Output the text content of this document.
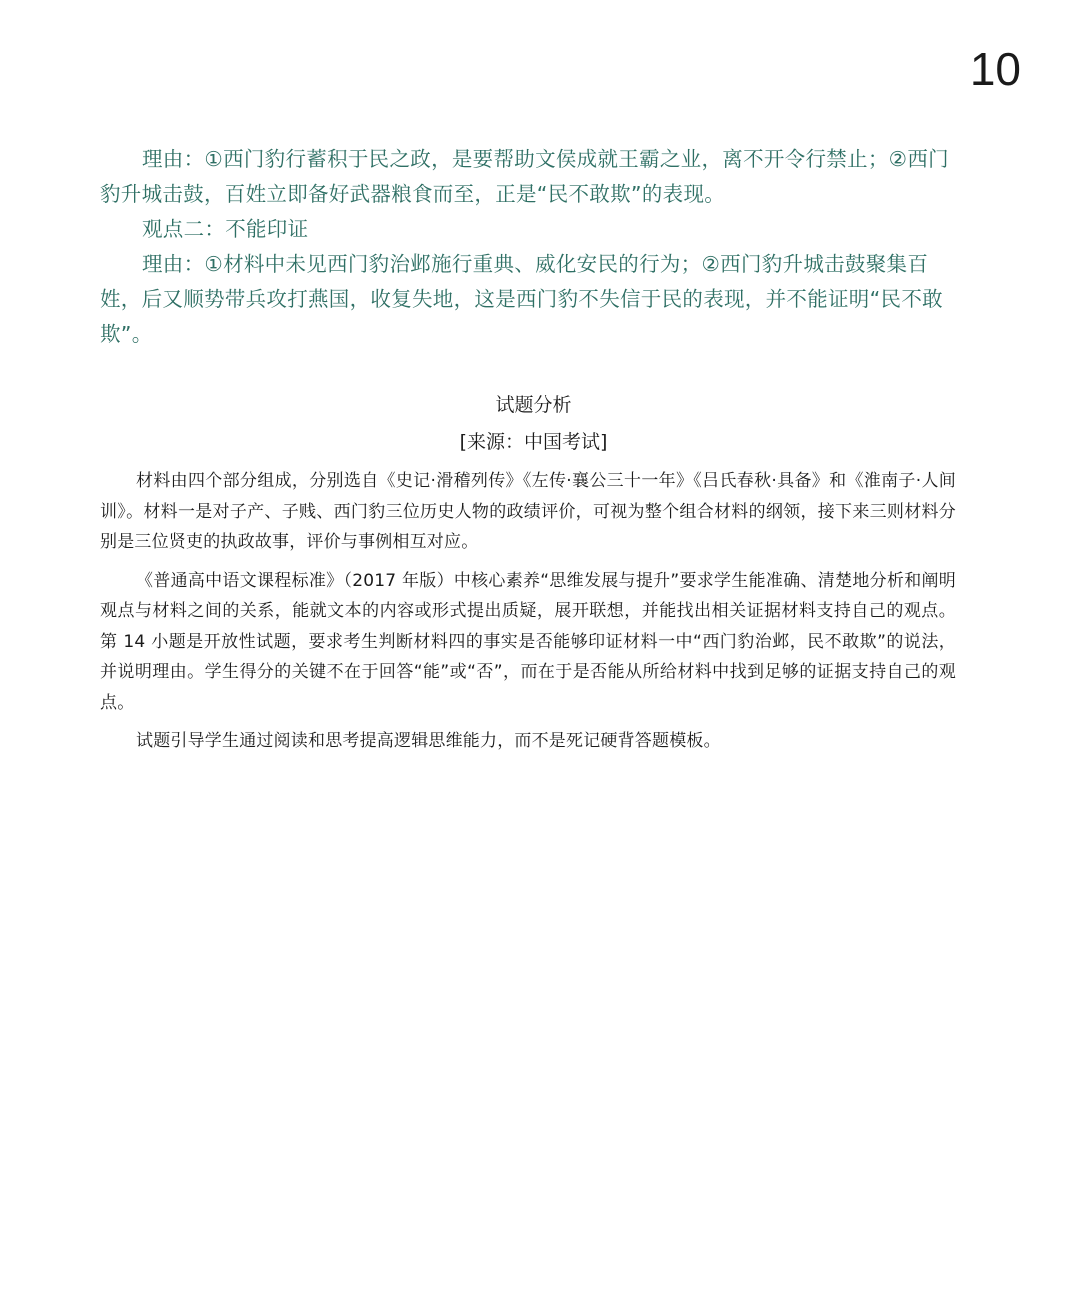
10

理由：①西门豹行蓄积于民之政，是要帮助文侯成就王霸之业，离不开令行禁止；②西门豹升城击鼓，百姓立即备好武器粮食而至，正是“民不敢欺”的表现。

观点二：不能印证

理由：①材料中未见西门豹治邺施行重典、威化安民的行为；②西门豹升城击鼓聚集百姓，后又顺势带兵攻打燕国，收复失地，这是西门豹不失信于民的表现，并不能证明“民不敢欺”。

试题分析
[来源：中国考试]

材料由四个部分组成，分别选自《史记·滑稽列传》《左传·襄公三十一年》《吕氏春秋·具备》和《淮南子·人间训》。材料一是对子产、子贱、西门豹三位历史人物的政绩评价，可视为整个组合材料的纲领，接下来三则材料分别是三位贤吏的执政故事，评价与事例相互对应。

《普通高中语文课程标准》（2017 年版）中核心素养“思维发展与提升”要求学生能准确、清楚地分析和阐明观点与材料之间的关系，能就文本的内容或形式提出质疑，展开联想，并能找出相关证据材料支持自己的观点。第 14 小题是开放性试题，要求考生判断材料四的事实是否能够印证材料一中“西门豹治邺，民不敢欺”的说法，并说明理由。学生得分的关键不在于回答“能”或“否”，而在于是否能从所给材料中找到足够的证据支持自己的观点。

试题引导学生通过阅读和思考提高逻辑思维能力，而不是死记硬背答题模板。
